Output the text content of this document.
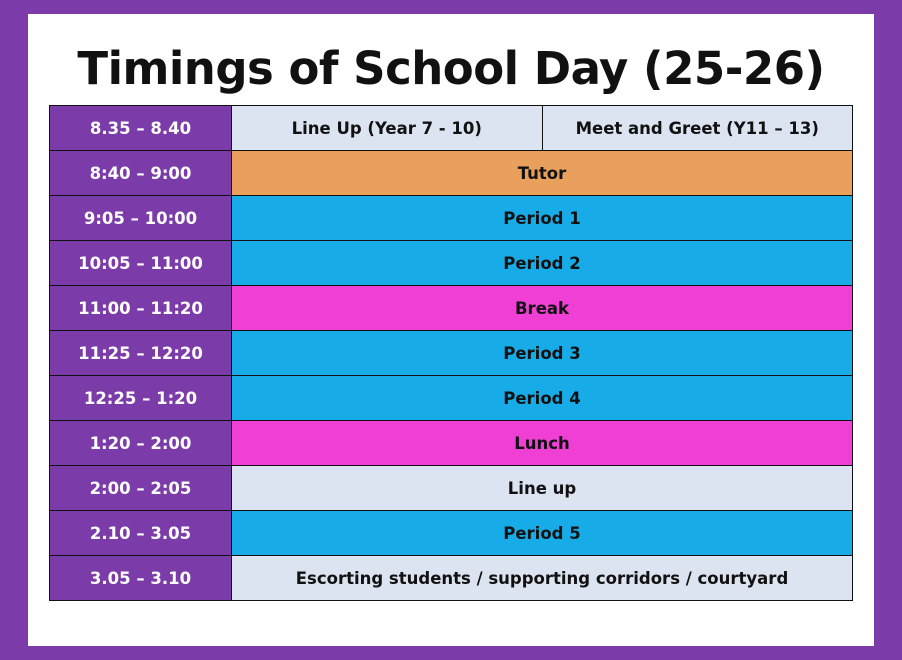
Timings of School Day (25-26)
8.35 – 8.40	Line Up (Year 7 - 10)	Meet and Greet (Y11 – 13)
8:40 – 9:00	Tutor	
9:05 – 10:00	Period 1	
10:05 – 11:00	Period 2	
11:00 – 11:20	Break	
11:25 – 12:20	Period 3	
12:25 – 1:20	Period 4	
1:20 – 2:00	Lunch	
2:00 – 2:05	Line up	
2.10 – 3.05	Period 5	
3.05 – 3.10	Escorting students / supporting corridors / courtyard	
